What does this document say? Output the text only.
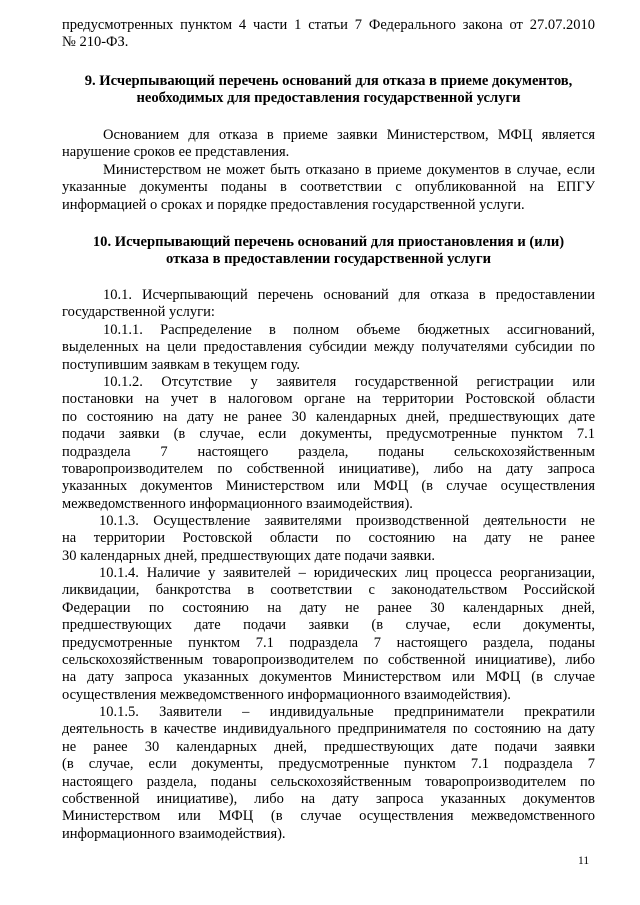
предусмотренных пунктом 4 части 1 статьи 7 Федерального закона от 27.07.2010
№ 210-ФЗ.
9. Исчерпывающий перечень оснований для отказа в приеме документов,
необходимых для предоставления государственной услуги
Основанием для отказа в приеме заявки Министерством, МФЦ является
нарушение сроков ее представления.
Министерством не может быть отказано в приеме документов в случае, если
указанные документы поданы в соответствии с опубликованной на ЕПГУ
информацией о сроках и порядке предоставления государственной услуги.
10. Исчерпывающий перечень оснований для приостановления и (или)
отказа в предоставлении государственной услуги
10.1. Исчерпывающий перечень оснований для отказа в предоставлении
государственной услуги:
10.1.1. Распределение в полном объеме бюджетных ассигнований,
выделенных на цели предоставления субсидии между получателями субсидии по
поступившим заявкам в текущем году.
10.1.2. Отсутствие у заявителя государственной регистрации или
постановки на учет в налоговом органе на территории Ростовской области
по состоянию на дату не ранее 30 календарных дней, предшествующих дате
подачи заявки (в случае, если документы, предусмотренные пунктом 7.1
подраздела 7 настоящего раздела, поданы сельскохозяйственным
товаропроизводителем по собственной инициативе), либо на дату запроса
указанных документов Министерством или МФЦ (в случае осуществления
межведомственного информационного взаимодействия).
10.1.3. Осуществление заявителями производственной деятельности не
на территории Ростовской области по состоянию на дату не ранее
30 календарных дней, предшествующих дате подачи заявки.
10.1.4. Наличие у заявителей – юридических лиц процесса реорганизации,
ликвидации, банкротства в соответствии с законодательством Российской
Федерации по состоянию на дату не ранее 30 календарных дней,
предшествующих дате подачи заявки (в случае, если документы,
предусмотренные пунктом 7.1 подраздела 7 настоящего раздела, поданы
сельскохозяйственным товаропроизводителем по собственной инициативе), либо
на дату запроса указанных документов Министерством или МФЦ (в случае
осуществления межведомственного информационного взаимодействия).
10.1.5. Заявители – индивидуальные предприниматели прекратили
деятельность в качестве индивидуального предпринимателя по состоянию на дату
не ранее 30 календарных дней, предшествующих дате подачи заявки
(в случае, если документы, предусмотренные пунктом 7.1 подраздела 7
настоящего раздела, поданы сельскохозяйственным товаропроизводителем по
собственной инициативе), либо на дату запроса указанных документов
Министерством или МФЦ (в случае осуществления межведомственного
информационного взаимодействия).
11
